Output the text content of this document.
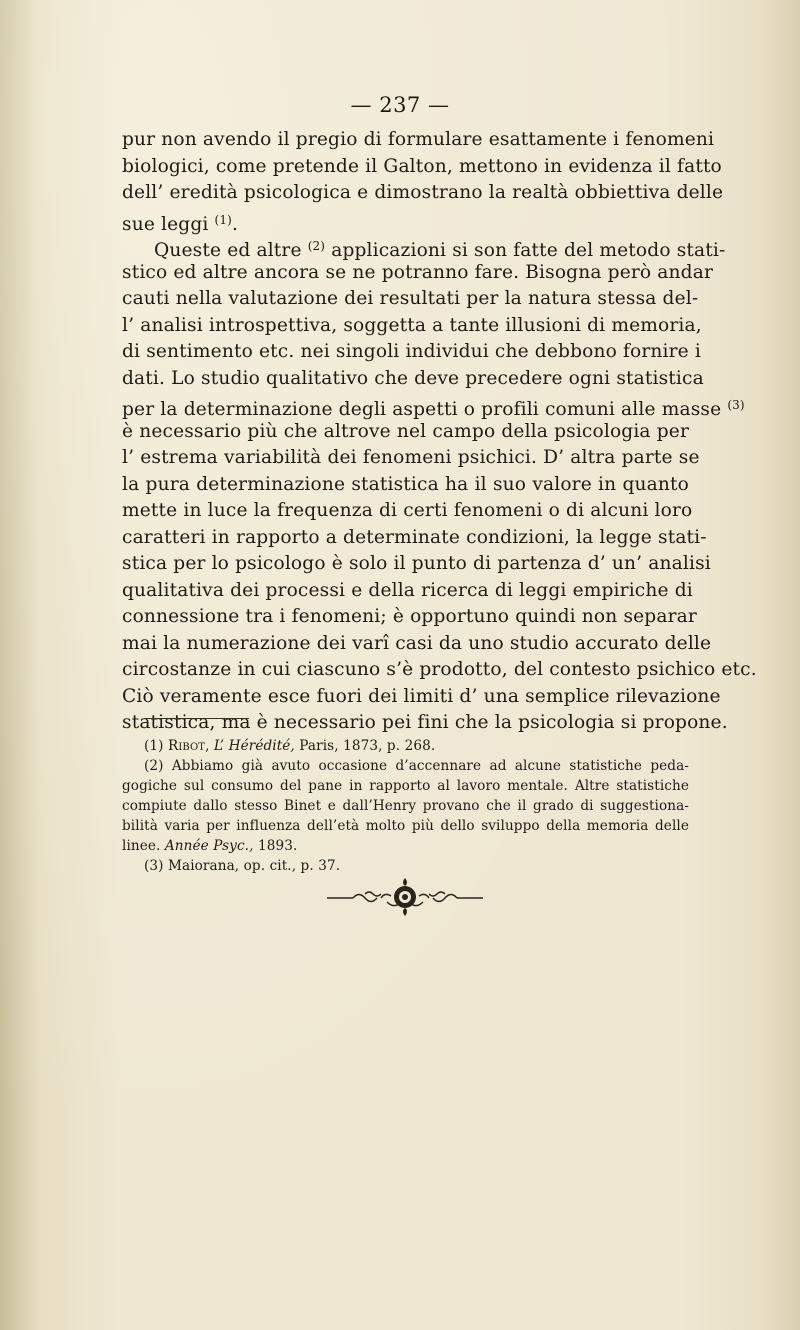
— 237 —
pur non avendo il pregio di formulare esattamente i fenomeni
biologici, come pretende il Galton, mettono in evidenza il fatto
dell’ eredità psicologica e dimostrano la realtà obbiettiva delle
sue leggi $^{(1)}$.
Queste ed altre $^{(2)}$ applicazioni si son fatte del metodo stati-
stico ed altre ancora se ne potranno fare. Bisogna però andar
cauti nella valutazione dei resultati per la natura stessa del-
l’ analisi introspettiva, soggetta a tante illusioni di memoria,
di sentimento etc. nei singoli individui che debbono fornire i
dati. Lo studio qualitativo che deve precedere ogni statistica
per la determinazione degli aspetti o profili comuni alle masse $^{(3)}$
è necessario più che altrove nel campo della psicologia per
l’ estrema variabilità dei fenomeni psichici. D’ altra parte se
la pura determinazione statistica ha il suo valore in quanto
mette in luce la frequenza di certi fenomeni o di alcuni loro
caratteri in rapporto a determinate condizioni, la legge stati-
stica per lo psicologo è solo il punto di partenza d’ un’ analisi
qualitativa dei processi e della ricerca di leggi empiriche di
connessione tra i fenomeni; è opportuno quindi non separar
mai la numerazione dei varî casi da uno studio accurato delle
circostanze in cui ciascuno s’è prodotto, del contesto psichico etc.
Ciò veramente esce fuori dei limiti d’ una semplice rilevazione
statistica, ma è necessario pei fini che la psicologia si propone.
(1) Ribot, L’ Hérédité, Paris, 1873, p. 268.
(2) Abbiamo già avuto occasione d’accennare ad alcune statistiche peda-
gogiche sul consumo del pane in rapporto al lavoro mentale. Altre statistiche
compiute dallo stesso Binet e dall’Henry provano che il grado di suggestiona-
bilità varia per influenza dell’età molto più dello sviluppo della memoria delle
linee. Année Psyc., 1893.
(3) Maiorana, op. cit., p. 37.
